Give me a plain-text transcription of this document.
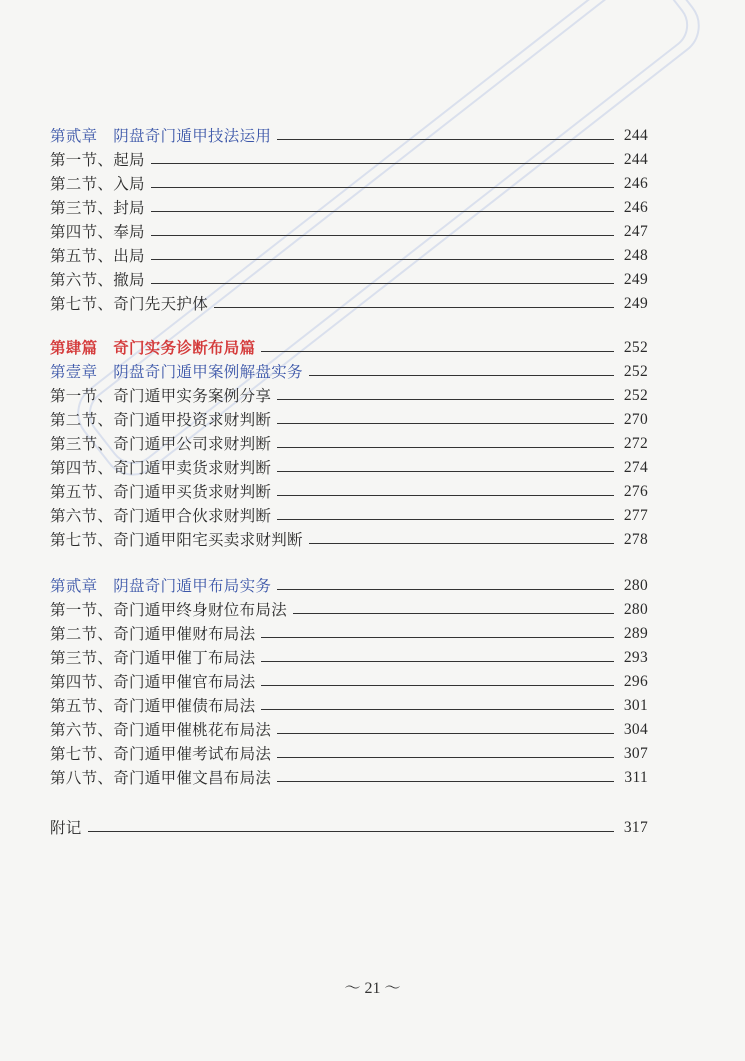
第贰章　阴盘奇门遁甲技法运用	244
第一节、起局	244
第二节、入局	246
第三节、封局	246
第四节、奉局	247
第五节、出局	248
第六节、撤局	249
第七节、奇门先天护体	249
第肆篇　奇门实务诊断布局篇	252
第壹章　阴盘奇门遁甲案例解盘实务	252
第一节、奇门遁甲实务案例分享	252
第二节、奇门遁甲投资求财判断	270
第三节、奇门遁甲公司求财判断	272
第四节、奇门遁甲卖货求财判断	274
第五节、奇门遁甲买货求财判断	276
第六节、奇门遁甲合伙求财判断	277
第七节、奇门遁甲阳宅买卖求财判断	278
第贰章　阴盘奇门遁甲布局实务	280
第一节、奇门遁甲终身财位布局法	280
第二节、奇门遁甲催财布局法	289
第三节、奇门遁甲催丁布局法	293
第四节、奇门遁甲催官布局法	296
第五节、奇门遁甲催债布局法	301
第六节、奇门遁甲催桃花布局法	304
第七节、奇门遁甲催考试布局法	307
第八节、奇门遁甲催文昌布局法	311
附记	317
～ 21 ～
